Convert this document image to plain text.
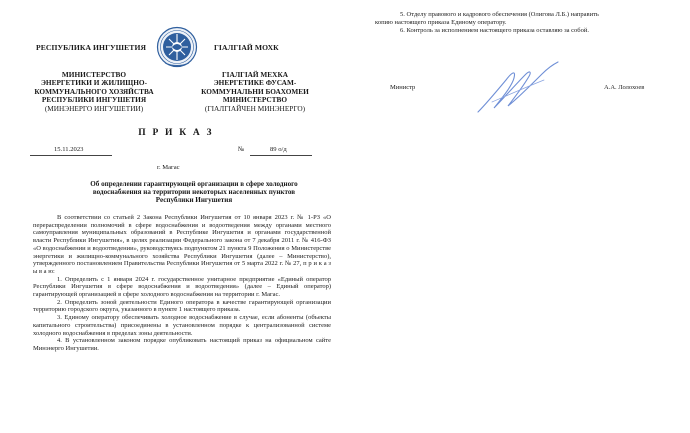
РЕСПУБЛИКА ИНГУШЕТИЯ	ГIАЛГIАЙ МОХК
МИНИСТЕРСТВО
ЭНЕРГЕТИКИ И ЖИЛИЩНО-
КОММУНАЛЬНОГО ХОЗЯЙСТВА
РЕСПУБЛИКИ ИНГУШЕТИЯ
(МИНЭНЕРГО ИНГУШЕТИИ)
ГIАЛГIАЙ МЕХКА
ЭНЕРГЕТИКЕ ФУСАМ-
КОММУНАЛЬНИ БОАХОМЕИ
МИНИСТЕРСТВО
(ГIАЛГIАЙЧЕН МИНЭНЕРГО)
П Р И К А З
15.11.2023	№	89 о/д
г. Магас
Об определении гарантирующей организации в сфере холодного
водоснабжения на территории некоторых населенных пунктов
Республики Ингушетия

В соответствии со статьей 2 Закона Республики Ингушетия от 10 января 2023 г. № 1-РЗ «О перераспределении полномочий в сфере водоснабжения и водоотведения между органами местного самоуправления муниципальных образований в Республике Ингушетия и органами государственной власти Республики Ингушетия», в целях реализации Федерального закона от 7 декабря 2011 г. № 416-ФЗ «О водоснабжении и водоотведении», руководствуясь подпунктом 21 пункта 9 Положения о Министерстве энергетики и жилищно-коммунального хозяйства Республики Ингушетия (далее – Министерство), утвержденного постановлением Правительства Республики Ингушетия от 5 марта 2022 г. № 27, п р и к а з ы в а ю:

1. Определить с 1 января 2024 г. государственное унитарное предприятие «Единый оператор Республики Ингушетия в сфере водоснабжения и водоотведения» (далее – Единый оператор) гарантирующей организацией в сфере холодного водоснабжения на территории г. Магас.

2. Определить зоной деятельности Единого оператора в качестве гарантирующей организации территорию городского округа, указанного в пункте 1 настоящего приказа.

3. Единому оператору обеспечивать холодное водоснабжение в случае, если абоненты (объекты капитального строительства) присоединены в установленном порядке к централизованной системе холодного водоснабжения в пределах зоны деятельности.

4. В установленном законом порядке опубликовать настоящий приказ на официальном сайте Минэнерго Ингушетии.

5. Отделу правового и кадрового обеспечения (Олигова Л.Б.) направить
копию настоящего приказа Единому оператору.
6. Контроль за исполнением настоящего приказа оставляю за собой.
Министр	А.А. Лолохоев
